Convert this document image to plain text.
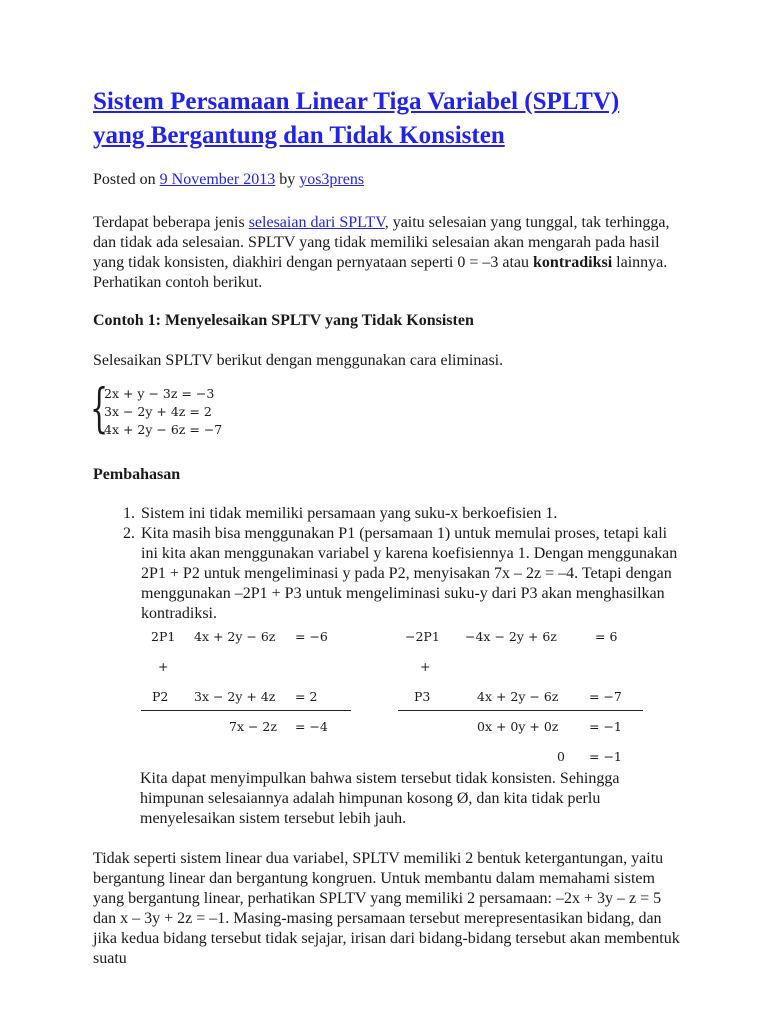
Sistem Persamaan Linear Tiga Variabel (SPLTV)
yang Bergantung dan Tidak Konsisten
Posted on 9 November 2013 by yos3prens

Terdapat beberapa jenis selesaian dari SPLTV, yaitu selesaian yang tunggal, tak terhingga, dan tidak ada selesaian. SPLTV yang tidak memiliki selesaian akan mengarah pada hasil yang tidak konsisten, diakhiri dengan pernyataan seperti 0 = –3 atau kontradiksi lainnya. Perhatikan contoh berikut.

Contoh 1: Menyelesaikan SPLTV yang Tidak Konsisten

Selesaikan SPLTV berikut dengan menggunakan cara eliminasi.

{
2x + y − 3z = −3
3x − 2y + 4z = 2
4x + 2y − 6z = −7
Pembahasan
1. Sistem ini tidak memiliki persamaan yang suku-x berkoefisien 1.
2. Kita masih bisa menggunakan P1 (persamaan 1) untuk memulai proses, tetapi kali ini kita akan menggunakan variabel y karena koefisiennya 1. Dengan menggunakan 2P1 + P2 untuk mengeliminasi y pada P2, menyisakan 7x – 2z = –4. Tetapi dengan menggunakan –2P1 + P3 untuk mengeliminasi suku-y dari P3 akan menghasilkan kontradiksi.
2P1 4x + 2y − 6z = −6
+
P2 3x − 2y + 4z = 2
7x − 2z = −4
−2P1 −4x − 2y + 6z	= 6
+
P3	4x + 2y − 6z = −7
0x + 0y + 0z = −1
0 = −1

Kita dapat menyimpulkan bahwa sistem tersebut tidak konsisten. Sehingga himpunan selesaiannya adalah himpunan kosong Ø, dan kita tidak perlu menyelesaikan sistem tersebut lebih jauh.

Tidak seperti sistem linear dua variabel, SPLTV memiliki 2 bentuk ketergantungan, yaitu bergantung linear dan bergantung kongruen. Untuk membantu dalam memahami sistem yang bergantung linear, perhatikan SPLTV yang memiliki 2 persamaan: –2x + 3y – z = 5 dan x – 3y + 2z = –1. Masing-masing persamaan tersebut merepresentasikan bidang, dan jika kedua bidang tersebut tidak sejajar, irisan dari bidang-bidang tersebut akan membentuk suatu
